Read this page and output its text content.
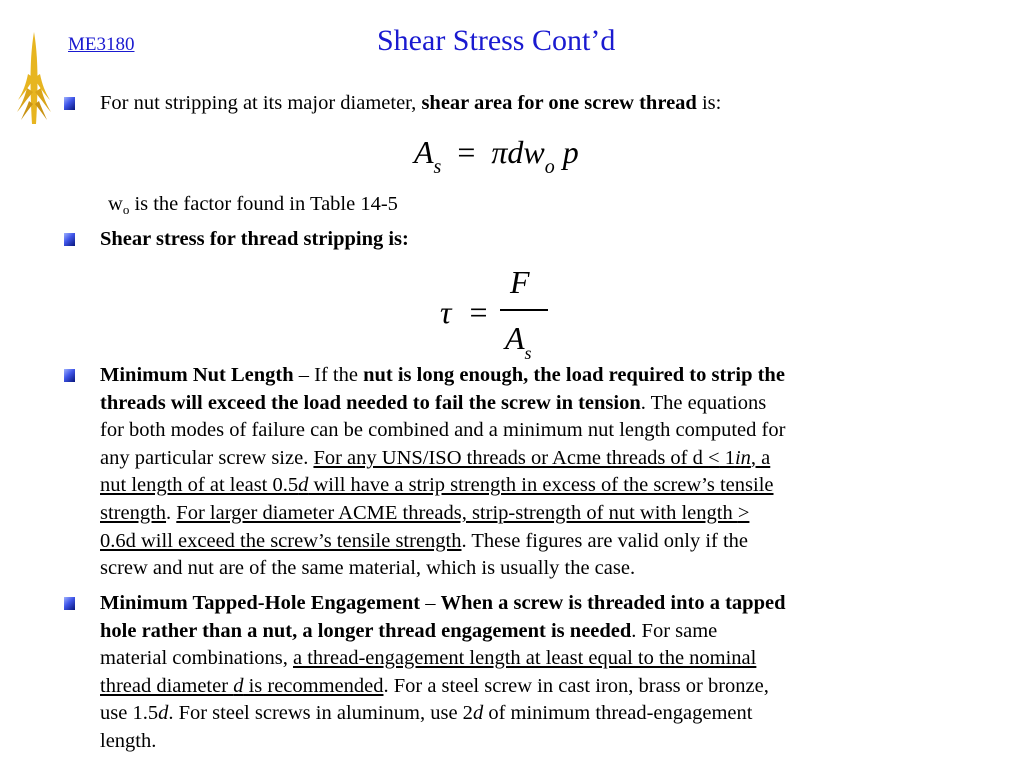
ME3180	Shear Stress Cont’d
For nut stripping at its major diameter, shear area for one screw thread is:
$A_s = \pi dw_o$ p
$w_o$ is the factor found in Table 14-5
Shear stress for thread stripping is:
τ =
F
$A_s$
Minimum Nut Length – If the nut is long enough, the load required to strip the
threads will exceed the load needed to fail the screw in tension. The equations
for both modes of failure can be combined and a minimum nut length computed for
any particular screw size. For any UNS/ISO threads or Acme threads of d < 1in, a
nut length of at least 0.5d will have a strip strength in excess of the screw’s tensile
strength. For larger diameter ACME threads, strip-strength of nut with length >
0.6d will exceed the screw’s tensile strength. These figures are valid only if the
screw and nut are of the same material, which is usually the case.
Minimum Tapped-Hole Engagement – When a screw is threaded into a tapped
hole rather than a nut, a longer thread engagement is needed. For same
material combinations, a thread-engagement length at least equal to the nominal
thread diameter d is recommended. For a steel screw in cast iron, brass or bronze,
use 1.5d. For steel screws in aluminum, use 2d of minimum thread-engagement
length.
